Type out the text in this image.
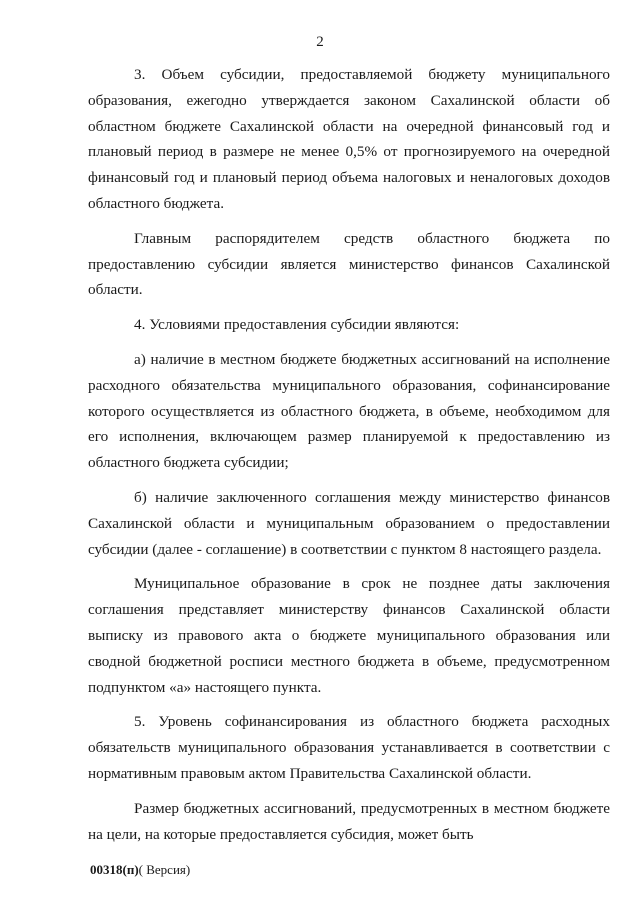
2

3. Объем субсидии, предоставляемой бюджету муниципального образования, ежегодно утверждается законом Сахалинской области об областном бюджете Сахалинской области на очередной финансовый год и плановый период в размере не менее 0,5% от прогнозируемого на очередной финансовый год и плановый период объема налоговых и неналоговых доходов областного бюджета.

Главным распорядителем средств областного бюджета по предоставлению субсидии является министерство финансов Сахалинской области.

4. Условиями предоставления субсидии являются:

а) наличие в местном бюджете бюджетных ассигнований на исполнение расходного обязательства муниципального образования, софинансирование которого осуществляется из областного бюджета, в объеме, необходимом для его исполнения, включающем размер планируемой к предоставлению из областного бюджета субсидии;

б) наличие заключенного соглашения между министерство финансов Сахалинской области и муниципальным образованием о предоставлении субсидии (далее - соглашение) в соответствии с пунктом 8 настоящего раздела.

Муниципальное образование в срок не позднее даты заключения соглашения представляет министерству финансов Сахалинской области выписку из правового акта о бюджете муниципального образования или сводной бюджетной росписи местного бюджета в объеме, предусмотренном подпунктом «а» настоящего пункта.

5. Уровень софинансирования из областного бюджета расходных обязательств муниципального образования устанавливается в соответствии с нормативным правовым актом Правительства Сахалинской области.

Размер бюджетных ассигнований, предусмотренных в местном бюджете на цели, на которые предоставляется субсидия, может быть

00318(п)( Версия)
